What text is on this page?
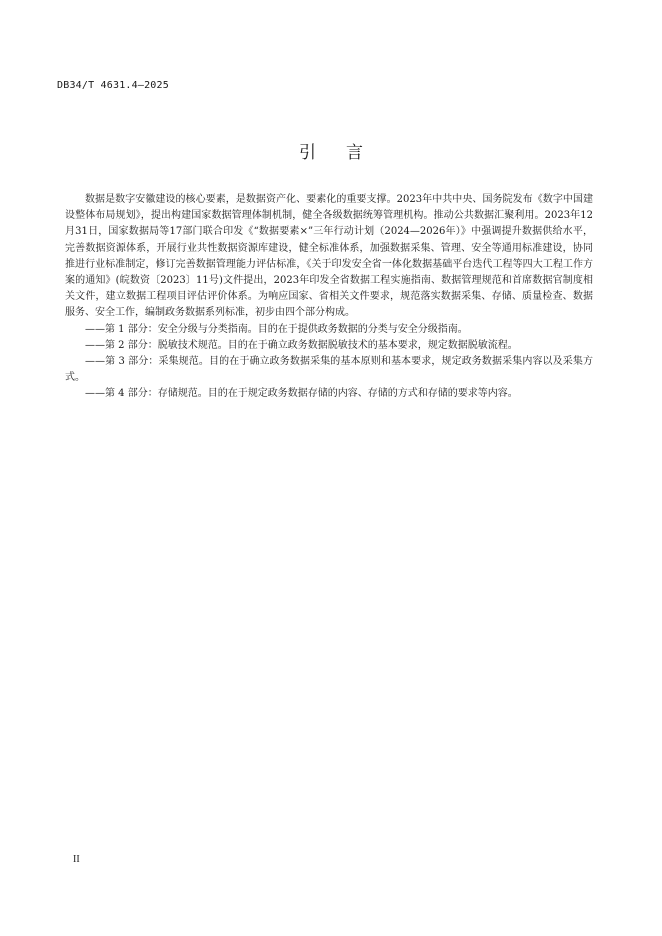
DB34/T 4631.4—2025
引言

数据是数字安徽建设的核心要素，是数据资产化、要素化的重要支撑。2023年中共中央、国务院发布《数字中国建设整体布局规划》，提出构建国家数据管理体制机制，健全各级数据统筹管理机构。推动公共数据汇聚利用。2023年12月31日，国家数据局等17部门联合印发《“数据要素×”三年行动计划（2024—2026年）》中强调提升数据供给水平，完善数据资源体系，开展行业共性数据资源库建设，健全标准体系，加强数据采集、管理、安全等通用标准建设，协同推进行业标准制定，修订完善数据管理能力评估标准，《关于印发安全省一体化数据基础平台迭代工程等四大工程工作方案的通知》(皖数资〔2023〕11号)文件提出，2023年印发全省数据工程实施指南、数据管理规范和首席数据官制度相关文件，建立数据工程项目评估评价体系。为响应国家、省相关文件要求，规范落实数据采集、存储、质量检查、数据服务、安全工作，编制政务数据系列标准，初步由四个部分构成。

——第 1 部分：安全分级与分类指南。目的在于提供政务数据的分类与安全分级指南。

——第 2 部分：脱敏技术规范。目的在于确立政务数据脱敏技术的基本要求，规定数据脱敏流程。

——第 3 部分：采集规范。目的在于确立政务数据采集的基本原则和基本要求，规定政务数据采集内容以及采集方式。

——第 4 部分：存储规范。目的在于规定政务数据存储的内容、存储的方式和存储的要求等内容。

II
